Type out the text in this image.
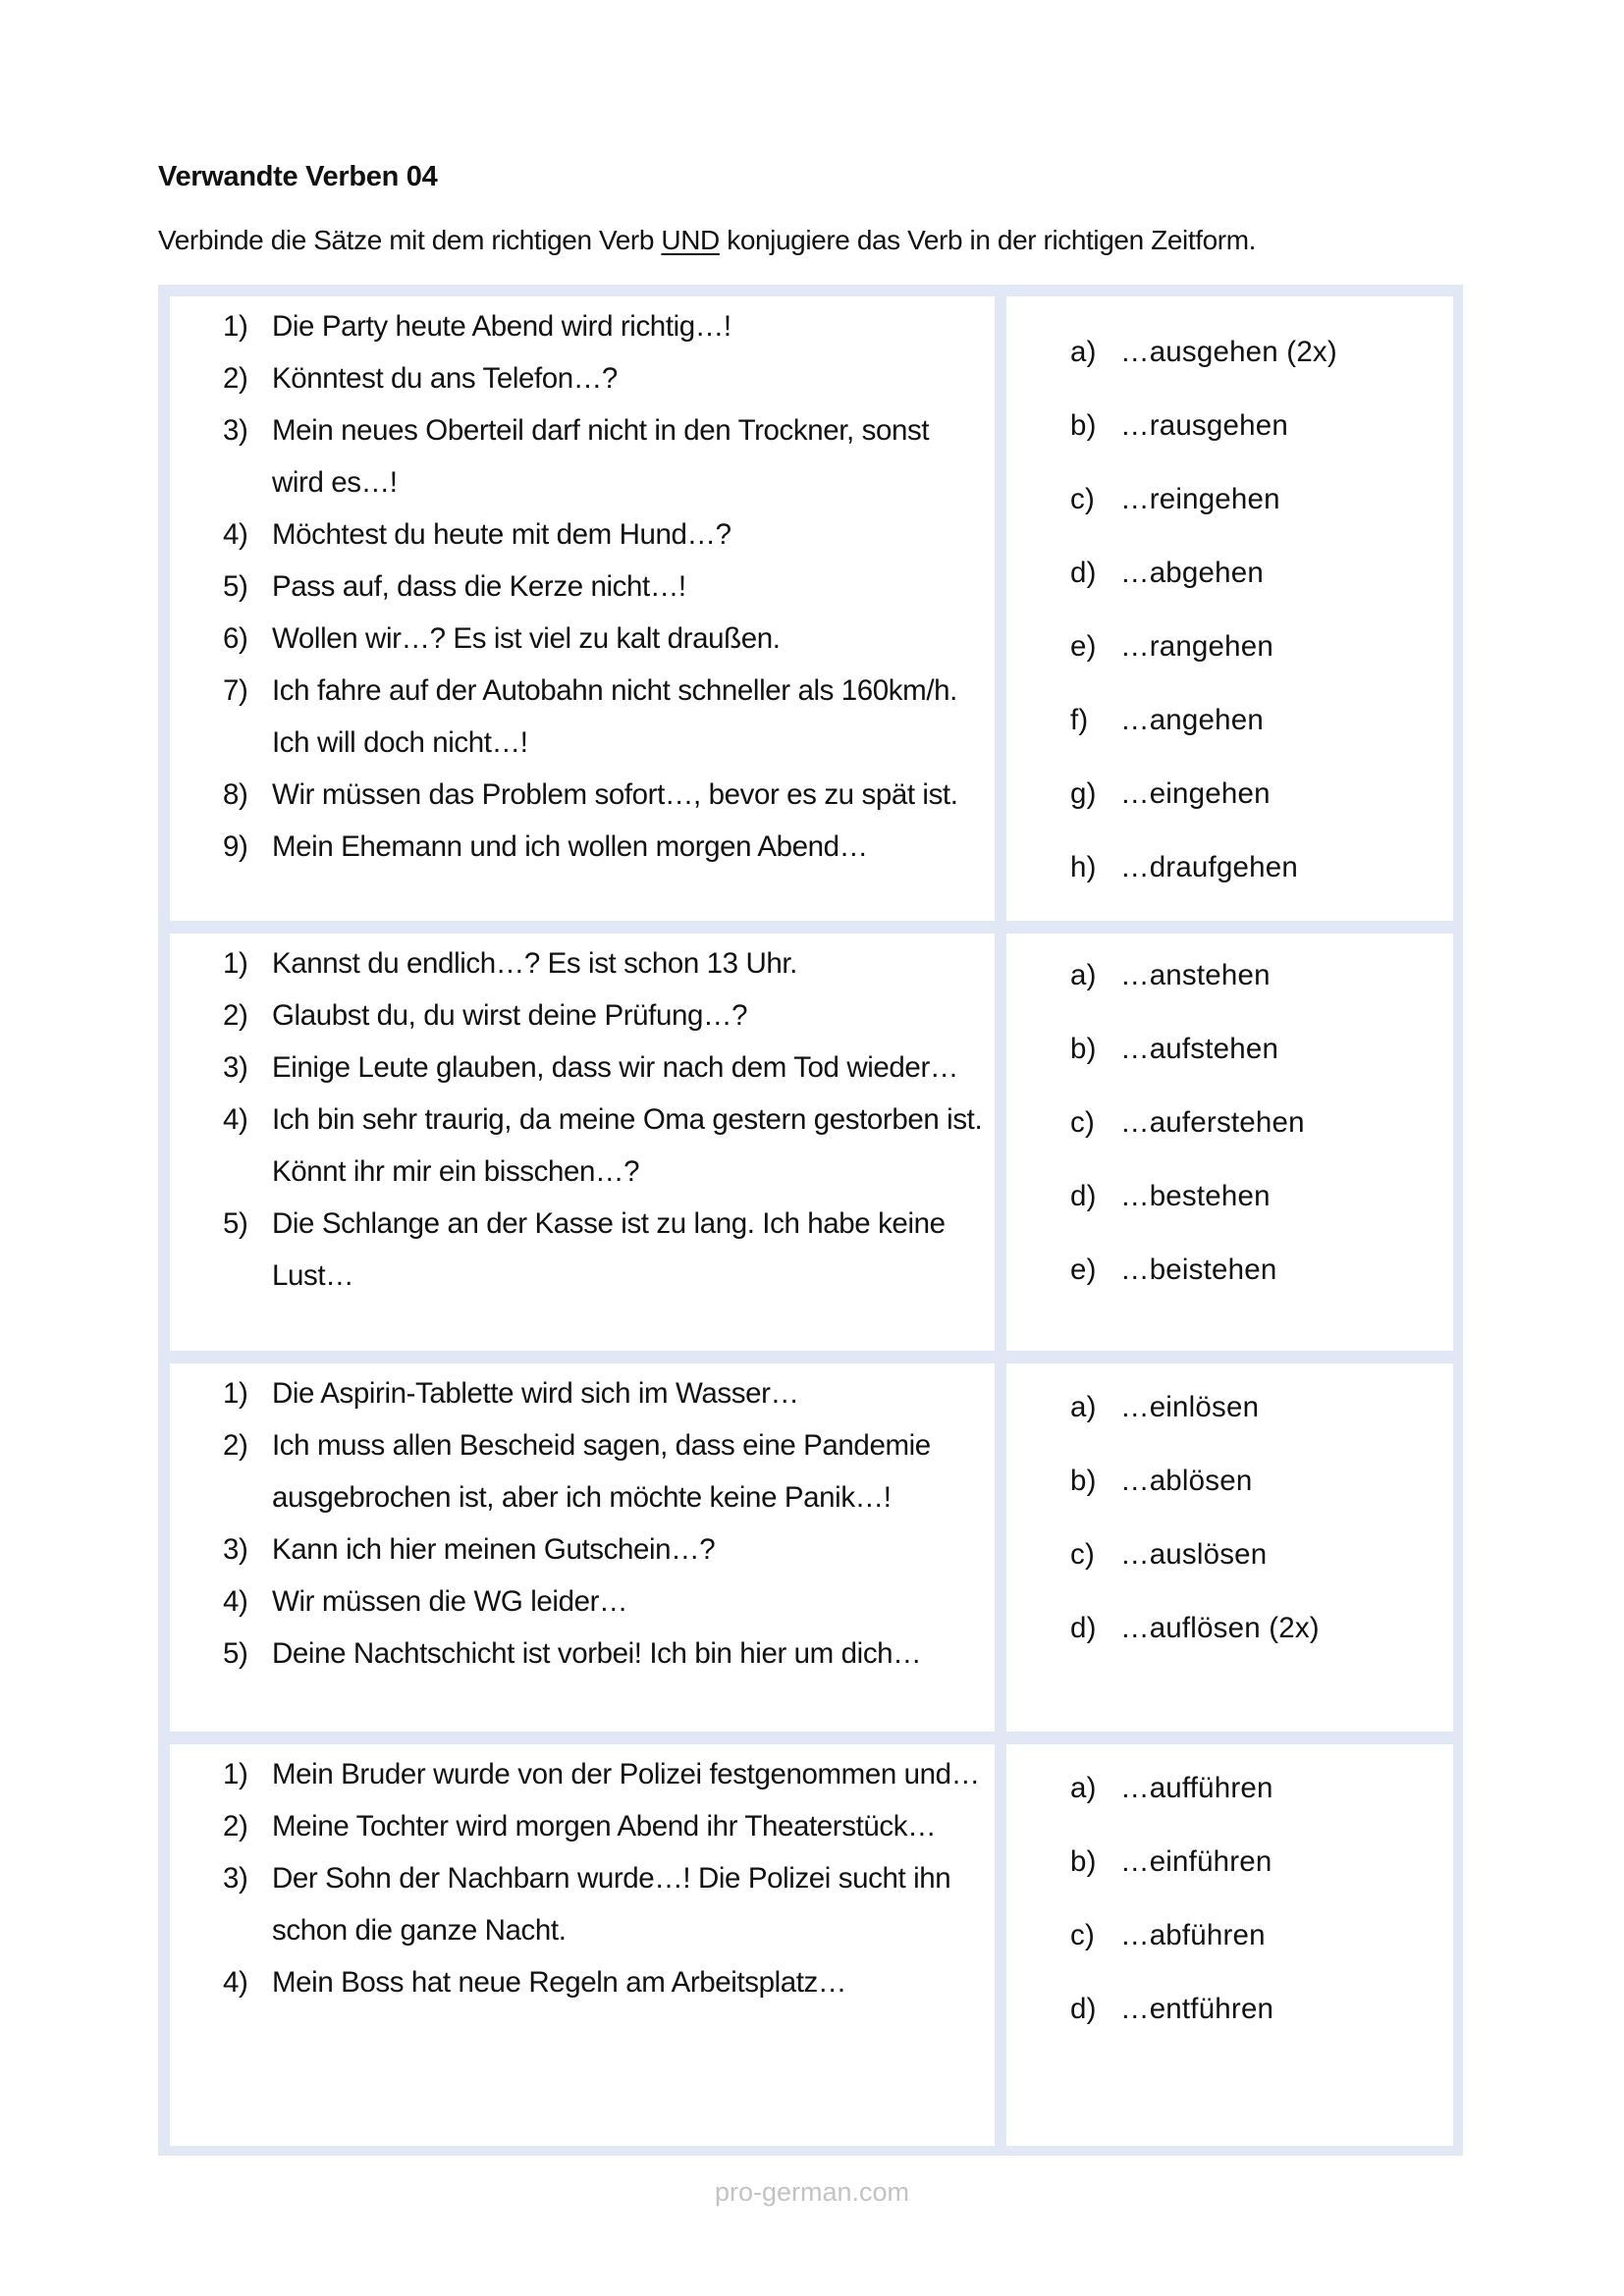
Verwandte Verben 04

Verbinde die Sätze mit dem richtigen Verb UND konjugiere das Verb in der richtigen Zeitform.

1) Die Party heute Abend wird richtig…!
2) Könntest du ans Telefon…?
3) Mein neues Oberteil darf nicht in den Trockner, sonst wird es…!
4) Möchtest du heute mit dem Hund…?
5) Pass auf, dass die Kerze nicht…!
6) Wollen wir…? Es ist viel zu kalt draußen.
7) Ich fahre auf der Autobahn nicht schneller als 160km/h. Ich will doch nicht…!
8) Wir müssen das Problem sofort…, bevor es zu spät ist.
9) Mein Ehemann und ich wollen morgen Abend…
a) …ausgehen (2x)
b) …rausgehen
c) …reingehen
d) …abgehen
e) …rangehen
f)	…angehen
g) …eingehen
h) …draufgehen
1) Kannst du endlich…? Es ist schon 13 Uhr.
2) Glaubst du, du wirst deine Prüfung…?
3) Einige Leute glauben, dass wir nach dem Tod wieder…
4) Ich bin sehr traurig, da meine Oma gestern gestorben ist. Könnt ihr mir ein bisschen…?
5) Die Schlange an der Kasse ist zu lang. Ich habe keine Lust…
a) …anstehen
b) …aufstehen
c) …auferstehen
d) …bestehen
e) …beistehen
1) Die Aspirin-Tablette wird sich im Wasser…
2) Ich muss allen Bescheid sagen, dass eine Pandemie ausgebrochen ist, aber ich möchte keine Panik…!
3) Kann ich hier meinen Gutschein…?
4) Wir müssen die WG leider…
5) Deine Nachtschicht ist vorbei! Ich bin hier um dich…
a) …einlösen
b) …ablösen
c) …auslösen
d) …auflösen (2x)
1) Mein Bruder wurde von der Polizei festgenommen und…
2) Meine Tochter wird morgen Abend ihr Theaterstück…
3) Der Sohn der Nachbarn wurde…! Die Polizei sucht ihn schon die ganze Nacht.
4) Mein Boss hat neue Regeln am Arbeitsplatz…
a) …aufführen
b) …einführen
c) …abführen
d) …entführen

pro-german.com
